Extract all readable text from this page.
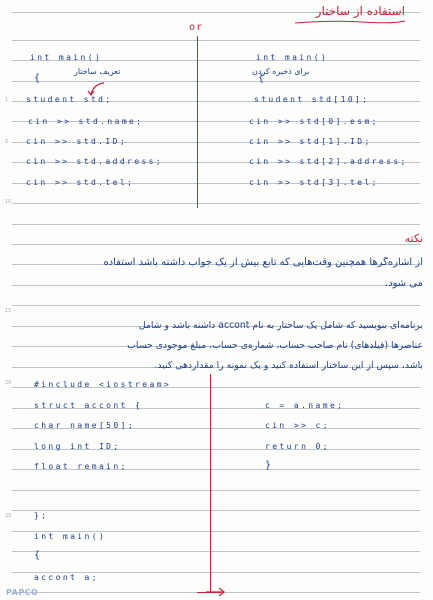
1
5
10
15
20
25
استفاده از ساختار
or
int main()
تعریف ساختار
{
student std;
cin >> std.name;
cin >> std.ID;
cin >> std.address;
cin >> std.tel;
int main()
برای ذخیره کردن
{
student std[10];
cin >> std[0].esm;
cin >> std[1].ID;
cin >> std[2].address;
cin >> std[3].tel;
نکته
از اشاره‌گرها همچنین وقت‌هایی که تابع بیش از یک جواب داشته باشد استفاده
می شود.
برنامه‌ای بنویسید که شامل یک ساختار به نام accont داشته باشد و شامل
عناصرها (فیلدهای) نام صاحب حساب، شماره‌ی حساب، مبلغ موجودی حساب
باشد، سپس از این ساختار استفاده کنید و یک نمونه را مقداردهی کنید.
#include <iostream>
struct accont {
char name[50];
long int ID;
float remain;
};
int main()
{
accont a;
c = a.name;
cin >> c;
return 0;
}
PAPCO
